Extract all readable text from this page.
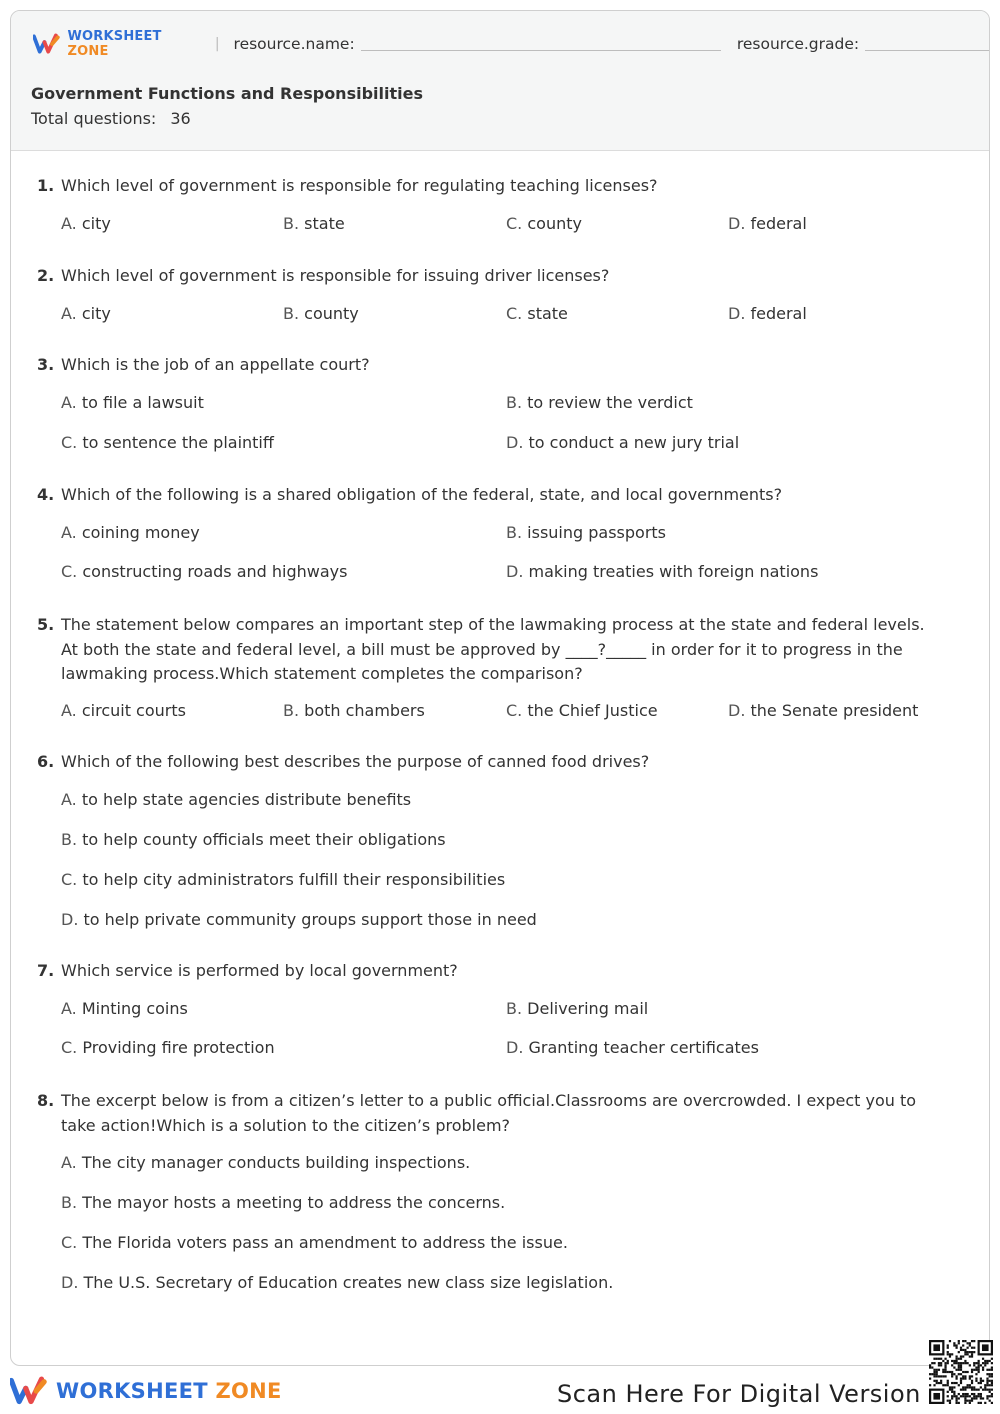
WORKSHEET ZONE	| resource.name:	resource.grade:
Government Functions and Responsibilities
Total questions: 36
1. Which level of government is responsible for regulating teaching licenses?
A. city	B. state	C. county	D. federal
2. Which level of government is responsible for issuing driver licenses?
A. city	B. county	C. state	D. federal
3. Which is the job of an appellate court?
A. to file a lawsuit	B. to review the verdict
C. to sentence the plaintiff	D. to conduct a new jury trial
4. Which of the following is a shared obligation of the federal, state, and local governments?
A. coining money	B. issuing passports
C. constructing roads and highways	D. making treaties with foreign nations
5. The statement below compares an important step of the lawmaking process at the state and federal levels. At both the state and federal level, a bill must be approved by ____?_____ in order for it to progress in the lawmaking process.Which statement completes the comparison?
A. circuit courts	B. both chambers	C. the Chief Justice	D. the Senate president
6. Which of the following best describes the purpose of canned food drives?
A. to help state agencies distribute benefits
B. to help county officials meet their obligations
C. to help city administrators fulfill their responsibilities
D. to help private community groups support those in need
7. Which service is performed by local government?
A. Minting coins	B. Delivering mail
C. Providing fire protection	D. Granting teacher certificates
8. The excerpt below is from a citizen’s letter to a public official.Classrooms are overcrowded. I expect you to take action!Which is a solution to the citizen’s problem?
A. The city manager conducts building inspections.
B. The mayor hosts a meeting to address the concerns.
C. The Florida voters pass an amendment to address the issue.
D. The U.S. Secretary of Education creates new class size legislation.
WORKSHEET ZONE	Scan Here For Digital Version
